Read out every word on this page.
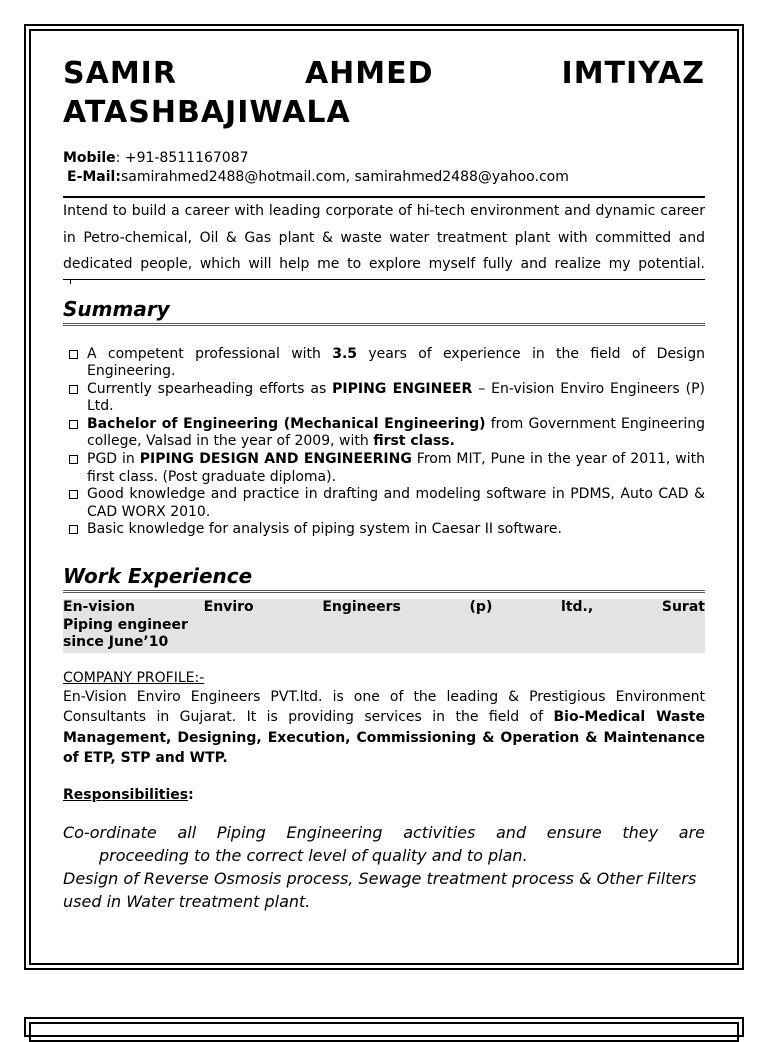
SAMIR	AHMED	IMTIYAZ
ATASHBAJIWALA
Mobile: +91-8511167087
E-Mail:samirahmed2488@hotmail.com, samirahmed2488@yahoo.com
Intend to build a career with leading corporate of hi-tech environment and dynamic career in Petro-chemical, Oil & Gas plant & waste water treatment plant with committed and dedicated people, which will help me to explore myself fully and realize my potential.
Summary
A competent professional with 3.5 years of experience in the field of Design Engineering.
Currently spearheading efforts as PIPING ENGINEER – En-vision Enviro Engineers (P) Ltd.
Bachelor of Engineering (Mechanical Engineering) from Government Engineering college, Valsad in the year of 2009, with first class.
PGD in PIPING DESIGN AND ENGINEERING From MIT, Pune in the year of 2011, with first class. (Post graduate diploma).
Good knowledge and practice in drafting and modeling software in PDMS, Auto CAD & CAD WORX 2010.
Basic knowledge for analysis of piping system in Caesar II software.
Work Experience
En-vision	Enviro	Engineers	(p)	ltd.,	Surat
Piping engineer
since June’10
COMPANY PROFILE:-
En-Vision Enviro Engineers PVT.ltd. is one of the leading & Prestigious Environment Consultants in Gujarat. It is providing services in the field of Bio-Medical Waste Management, Designing, Execution, Commissioning & Operation & Maintenance of ETP, STP and WTP.
Responsibilities:
Co-ordinate all Piping Engineering activities and ensure they are
proceeding to the correct level of quality and to plan.
Design of Reverse Osmosis process, Sewage treatment process & Other Filters used in Water treatment plant.
